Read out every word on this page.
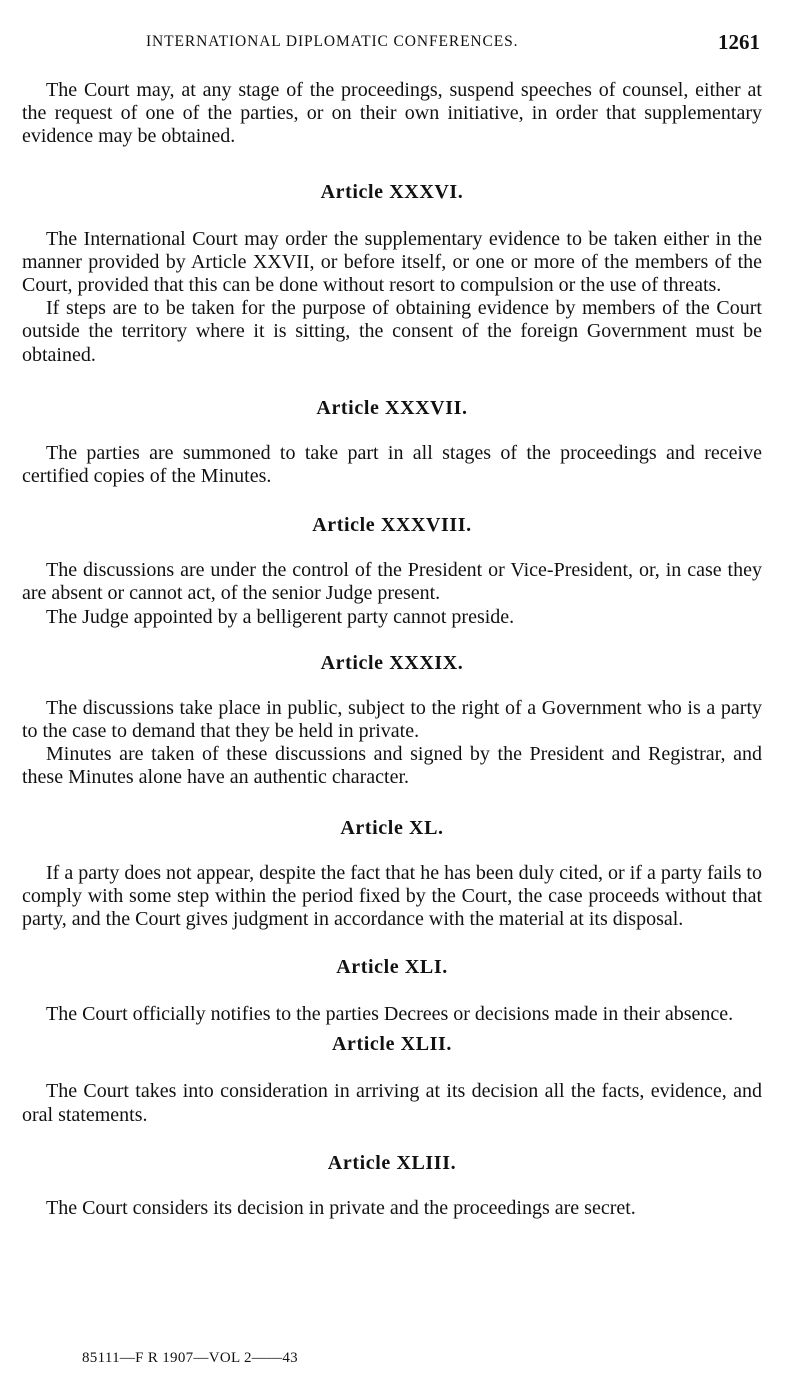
INTERNATIONAL DIPLOMATIC CONFERENCES.	1261

The Court may, at any stage of the proceedings, suspend speeches of counsel, either at the request of one of the parties, or on their own initiative, in order that supplementary evidence may be obtained.

Article XXXVI.

The International Court may order the supplementary evidence to be taken either in the manner provided by Article XXVII, or before itself, or one or more of the members of the Court, provided that this can be done without resort to compulsion or the use of threats.

If steps are to be taken for the purpose of obtaining evidence by members of the Court outside the territory where it is sitting, the consent of the foreign Government must be obtained.

Article XXXVII.

The parties are summoned to take part in all stages of the proceedings and receive certified copies of the Minutes.

Article XXXVIII.

The discussions are under the control of the President or Vice-President, or, in case they are absent or cannot act, of the senior Judge present.

The Judge appointed by a belligerent party cannot preside.

Article XXXIX.

The discussions take place in public, subject to the right of a Government who is a party to the case to demand that they be held in private.

Minutes are taken of these discussions and signed by the President and Registrar, and these Minutes alone have an authentic character.

Article XL.

If a party does not appear, despite the fact that he has been duly cited, or if a party fails to comply with some step within the period fixed by the Court, the case proceeds without that party, and the Court gives judgment in accordance with the material at its disposal.

Article XLI.

The Court officially notifies to the parties Decrees or decisions made in their absence.

Article XLII.

The Court takes into consideration in arriving at its decision all the facts, evidence, and oral statements.

Article XLIII.

The Court considers its decision in private and the proceedings are secret.

85111—F R 1907—VOL 2——43
